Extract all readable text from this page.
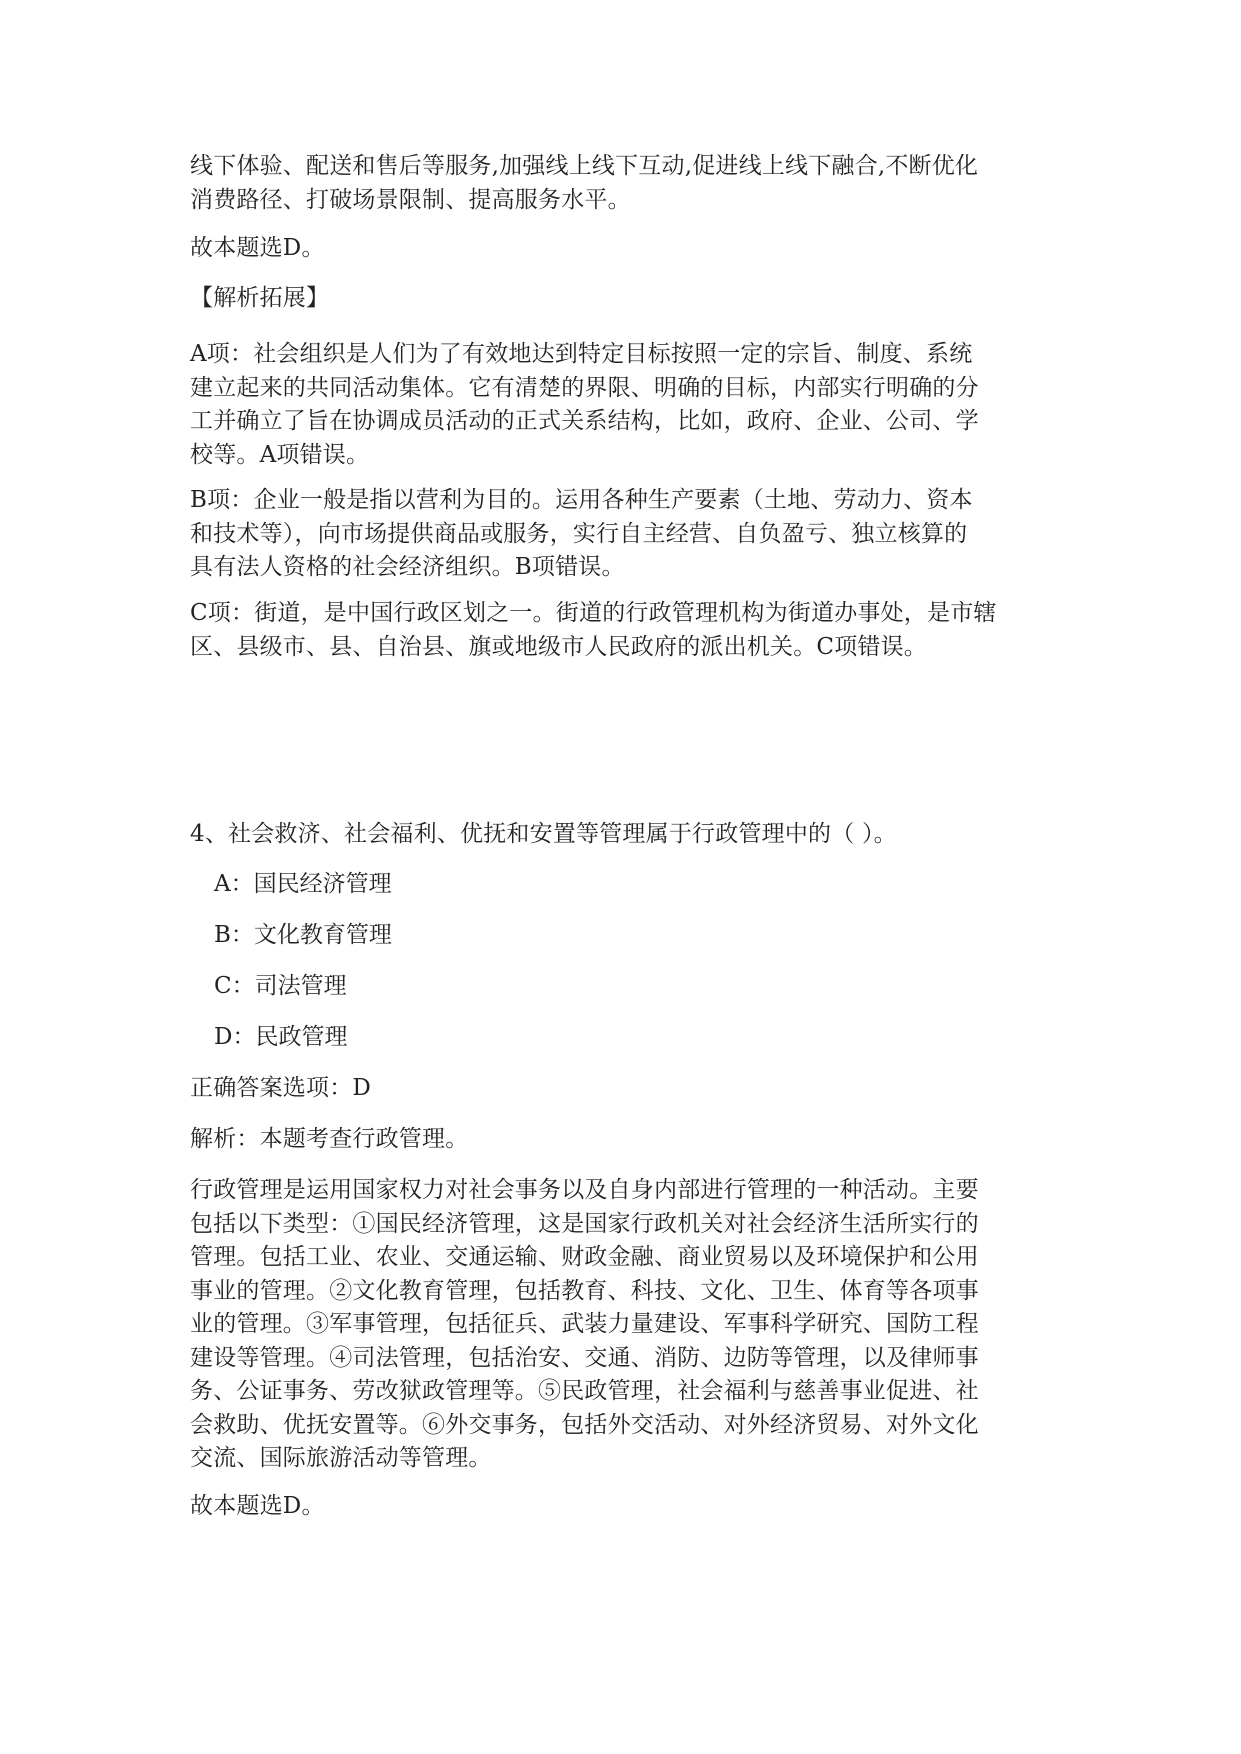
线下体验、配送和售后等服务,加强线上线下互动,促进线上线下融合,不断优化
消费路径、打破场景限制、提高服务水平。

故本题选D。

【解析拓展】

A项：社会组织是人们为了有效地达到特定目标按照一定的宗旨、制度、系统
建立起来的共同活动集体。它有清楚的界限、明确的目标，内部实行明确的分
工并确立了旨在协调成员活动的正式关系结构，比如，政府、企业、公司、学
校等。A项错误。

B项：企业一般是指以营利为目的。运用各种生产要素（土地、劳动力、资本
和技术等），向市场提供商品或服务，实行自主经营、自负盈亏、独立核算的
具有法人资格的社会经济组织。B项错误。

C项：街道，是中国行政区划之一。街道的行政管理机构为街道办事处，是市辖
区、县级市、县、自治县、旗或地级市人民政府的派出机关。C项错误。

4、社会救济、社会福利、优抚和安置等管理属于行政管理中的（ ）。

A：国民经济管理
B：文化教育管理
C：司法管理
D：民政管理

正确答案选项：D

解析：本题考查行政管理。

行政管理是运用国家权力对社会事务以及自身内部进行管理的一种活动。主要
包括以下类型：①国民经济管理，这是国家行政机关对社会经济生活所实行的
管理。包括工业、农业、交通运输、财政金融、商业贸易以及环境保护和公用
事业的管理。②文化教育管理，包括教育、科技、文化、卫生、体育等各项事
业的管理。③军事管理，包括征兵、武装力量建设、军事科学研究、国防工程
建设等管理。④司法管理，包括治安、交通、消防、边防等管理，以及律师事
务、公证事务、劳改狱政管理等。⑤民政管理，社会福利与慈善事业促进、社
会救助、优抚安置等。⑥外交事务，包括外交活动、对外经济贸易、对外文化
交流、国际旅游活动等管理。

故本题选D。
